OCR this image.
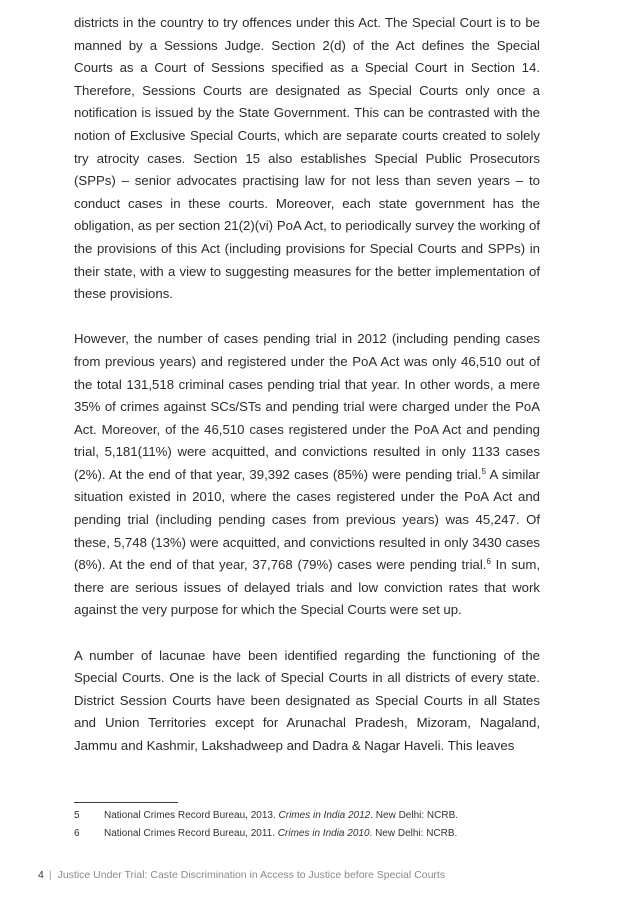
districts in the country to try offences under this Act. The Special Court is to be manned by a Sessions Judge. Section 2(d) of the Act defines the Special Courts as a Court of Sessions specified as a Special Court in Section 14. Therefore, Sessions Courts are designated as Special Courts only once a notification is issued by the State Government. This can be contrasted with the notion of Exclusive Special Courts, which are separate courts created to solely try atrocity cases. Section 15 also establishes Special Public Prosecutors (SPPs) – senior advocates practising law for not less than seven years – to conduct cases in these courts. Moreover, each state government has the obligation, as per section 21(2)(vi) PoA Act, to periodically survey the working of the provisions of this Act (including provisions for Special Courts and SPPs) in their state, with a view to suggesting measures for the better implementation of these provisions.

However, the number of cases pending trial in 2012 (including pending cases from previous years) and registered under the PoA Act was only 46,510 out of the total 131,518 criminal cases pending trial that year. In other words, a mere 35% of crimes against SCs/STs and pending trial were charged under the PoA Act. Moreover, of the 46,510 cases registered under the PoA Act and pending trial, 5,181(11%) were acquitted, and convictions resulted in only 1133 cases (2%). At the end of that year, 39,392 cases (85%) were pending trial.$^5$ A similar situation existed in 2010, where the cases registered under the PoA Act and pending trial (including pending cases from previous years) was 45,247. Of these, 5,748 (13%) were acquitted, and convictions resulted in only 3430 cases (8%). At the end of that year, 37,768 (79%) cases were pending trial.$^6$ In sum, there are serious issues of delayed trials and low conviction rates that work against the very purpose for which the Special Courts were set up.

A number of lacunae have been identified regarding the functioning of the Special Courts. One is the lack of Special Courts in all districts of every state. District Session Courts have been designated as Special Courts in all States and Union Territories except for Arunachal Pradesh, Mizoram, Nagaland, Jammu and Kashmir, Lakshadweep and Dadra & Nagar Haveli. This leaves

5	National Crimes Record Bureau, 2013. Crimes in India 2012. New Delhi: NCRB.
6	National Crimes Record Bureau, 2011. Crimes in India 2010. New Delhi: NCRB.
4 | Justice Under Trial: Caste Discrimination in Access to Justice before Special Courts
